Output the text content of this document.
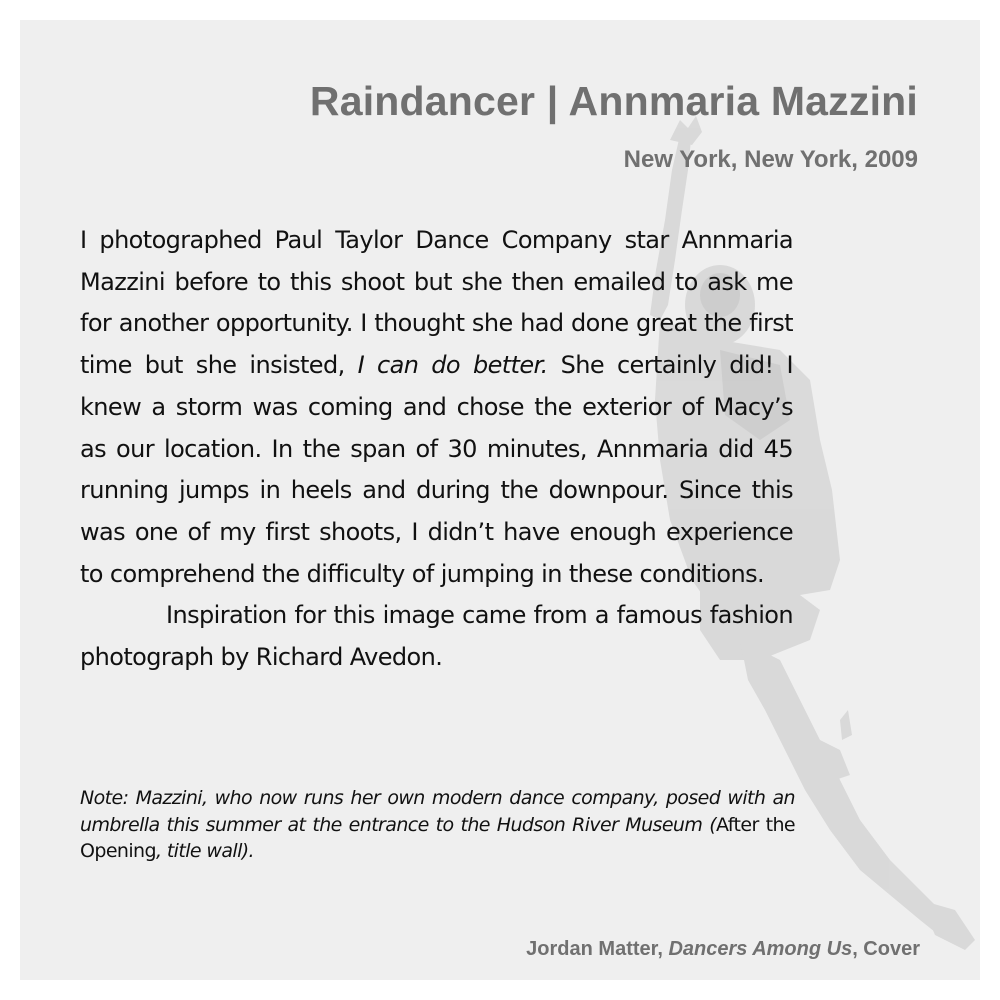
Raindancer | Annmaria Mazzini
New York, New York, 2009

I photographed Paul Taylor Dance Company star Annmaria Mazzini before to this shoot but she then emailed to ask me for another opportunity. I thought she had done great the first time but she insisted, I can do better. She certainly did! I knew a storm was coming and chose the exterior of Macy’s as our location. In the span of 30 minutes, Annmaria did 45 running jumps in heels and during the downpour. Since this was one of my first shoots, I didn’t have enough experience to comprehend the difficulty of jumping in these conditions.

Inspiration for this image came from a famous fashion photograph by Richard Avedon.

Note: Mazzini, who now runs her own modern dance company, posed with an umbrella this summer at the entrance to the Hudson River Museum (After the Opening, title wall).

Jordan Matter, Dancers Among Us, Cover
